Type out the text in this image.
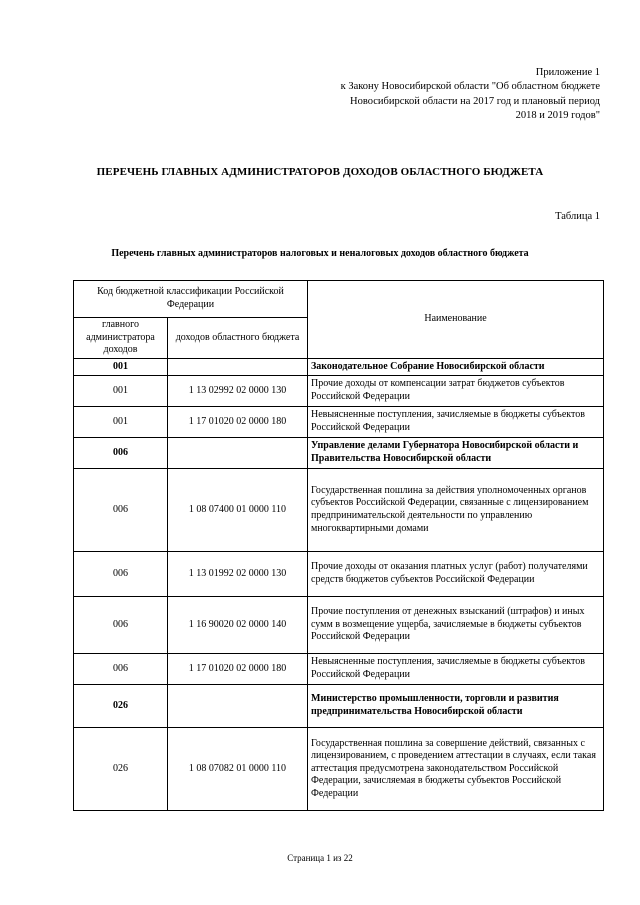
Приложение 1
к Закону Новосибирской области "Об областном бюджете
Новосибирской области на 2017 год и плановый период
2018 и 2019 годов"
ПЕРЕЧЕНЬ ГЛАВНЫХ АДМИНИСТРАТОРОВ ДОХОДОВ ОБЛАСТНОГО БЮДЖЕТА
Таблица 1
Перечень главных администраторов налоговых и неналоговых доходов областного бюджета
Код бюджетной классификации Российской Федерации		Наименование
главного администратора доходов	доходов областного бюджета	
001		Законодательное Собрание Новосибирской области
001	1 13 02992 02 0000 130	Прочие доходы от компенсации затрат бюджетов субъектов Российской Федерации
001	1 17 01020 02 0000 180	Невыясненные поступления, зачисляемые в бюджеты субъектов Российской Федерации
006		Управление делами Губернатора Новосибирской области и Правительства Новосибирской области
006	1 08 07400 01 0000 110	Государственная пошлина за действия уполномоченных органов субъектов Российской Федерации, связанные с лицензированием предпринимательской деятельности по управлению многоквартирными домами
006	1 13 01992 02 0000 130	Прочие доходы от оказания платных услуг (работ) получателями средств бюджетов субъектов Российской Федерации
006	1 16 90020 02 0000 140	Прочие поступления от денежных взысканий (штрафов) и иных сумм в возмещение ущерба, зачисляемые в бюджеты субъектов Российской Федерации
006	1 17 01020 02 0000 180	Невыясненные поступления, зачисляемые в бюджеты субъектов Российской Федерации
026		Министерство промышленности, торговли и развития предпринимательства Новосибирской области
026	1 08 07082 01 0000 110	Государственная пошлина за совершение действий, связанных с лицензированием, с проведением аттестации в случаях, если такая аттестация предусмотрена законодательством Российской Федерации, зачисляемая в бюджеты субъектов Российской Федерации
Страница 1 из 22
